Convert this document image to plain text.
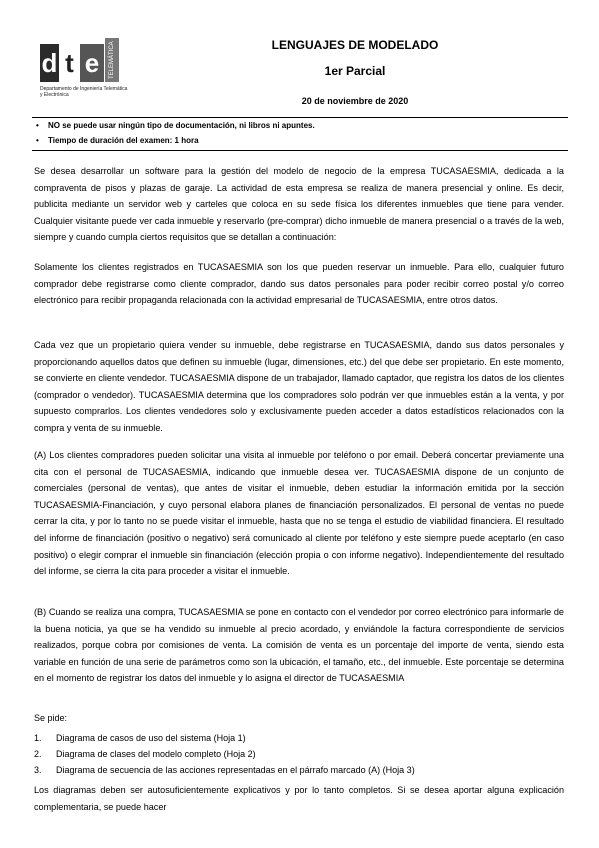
d t e	TELEMÁTICA
Departamento de Ingeniería Telemática y Electrónica
LENGUAJES DE MODELADO
1er Parcial
20 de noviembre de 2020
• NO se puede usar ningún tipo de documentación, ni libros ni apuntes.
• Tiempo de duración del examen: 1 hora
Se desea desarrollar un software para la gestión del modelo de negocio de la empresa TUCASAESMIA, dedicada a la compraventa de pisos y plazas de garaje. La actividad de esta empresa se realiza de manera presencial y online. Es decir, publicita mediante un servidor web y carteles que coloca en su sede física los diferentes inmuebles que tiene para vender. Cualquier visitante puede ver cada inmueble y reservarlo (pre-comprar) dicho inmueble de manera presencial o a través de la web, siempre y cuando cumpla ciertos requisitos que se detallan a continuación:
Solamente los clientes registrados en TUCASAESMIA son los que pueden reservar un inmueble. Para ello, cualquier futuro comprador debe registrarse como cliente comprador, dando sus datos personales para poder recibir correo postal y/o correo electrónico para recibir propaganda relacionada con la actividad empresarial de TUCASAESMIA, entre otros datos.
Cada vez que un propietario quiera vender su inmueble, debe registrarse en TUCASAESMIA, dando sus datos personales y proporcionando aquellos datos que definen su inmueble (lugar, dimensiones, etc.) del que debe ser propietario. En este momento, se convierte en cliente vendedor. TUCASAESMIA dispone de un trabajador, llamado captador, que registra los datos de los clientes (comprador o vendedor). TUCASAESMIA determina que los compradores solo podrán ver que inmuebles están a la venta, y por supuesto comprarlos. Los clientes vendedores solo y exclusivamente pueden acceder a datos estadísticos relacionados con la compra y venta de su inmueble.
(A) Los clientes compradores pueden solicitar una visita al inmueble por teléfono o por email. Deberá concertar previamente una cita con el personal de TUCASAESMIA, indicando que inmueble desea ver. TUCASAESMIA dispone de un conjunto de comerciales (personal de ventas), que antes de visitar el inmueble, deben estudiar la información emitida por la sección TUCASAESMIA-Financiación, y cuyo personal elabora planes de financiación personalizados. El personal de ventas no puede cerrar la cita, y por lo tanto no se puede visitar el inmueble, hasta que no se tenga el estudio de viabilidad financiera. El resultado del informe de financiación (positivo o negativo) será comunicado al cliente por teléfono y este siempre puede aceptarlo (en caso positivo) o elegir comprar el inmueble sin financiación (elección propia o con informe negativo). Independientemente del resultado del informe, se cierra la cita para proceder a visitar el inmueble.
(B) Cuando se realiza una compra, TUCASAESMIA se pone en contacto con el vendedor por correo electrónico para informarle de la buena noticia, ya que se ha vendido su inmueble al precio acordado, y enviándole la factura correspondiente de servicios realizados, porque cobra por comisiones de venta. La comisión de venta es un porcentaje del importe de venta, siendo esta variable en función de una serie de parámetros como son la ubicación, el tamaño, etc., del inmueble. Este porcentaje se determina en el momento de registrar los datos del inmueble y lo asigna el director de TUCASAESMIA
Se pide:
1. Diagrama de casos de uso del sistema (Hoja 1)
2. Diagrama de clases del modelo completo (Hoja 2)
3. Diagrama de secuencia de las acciones representadas en el párrafo marcado (A) (Hoja 3)
Los diagramas deben ser autosuficientemente explicativos y por lo tanto completos. Si se desea aportar alguna explicación complementaria, se puede hacer
